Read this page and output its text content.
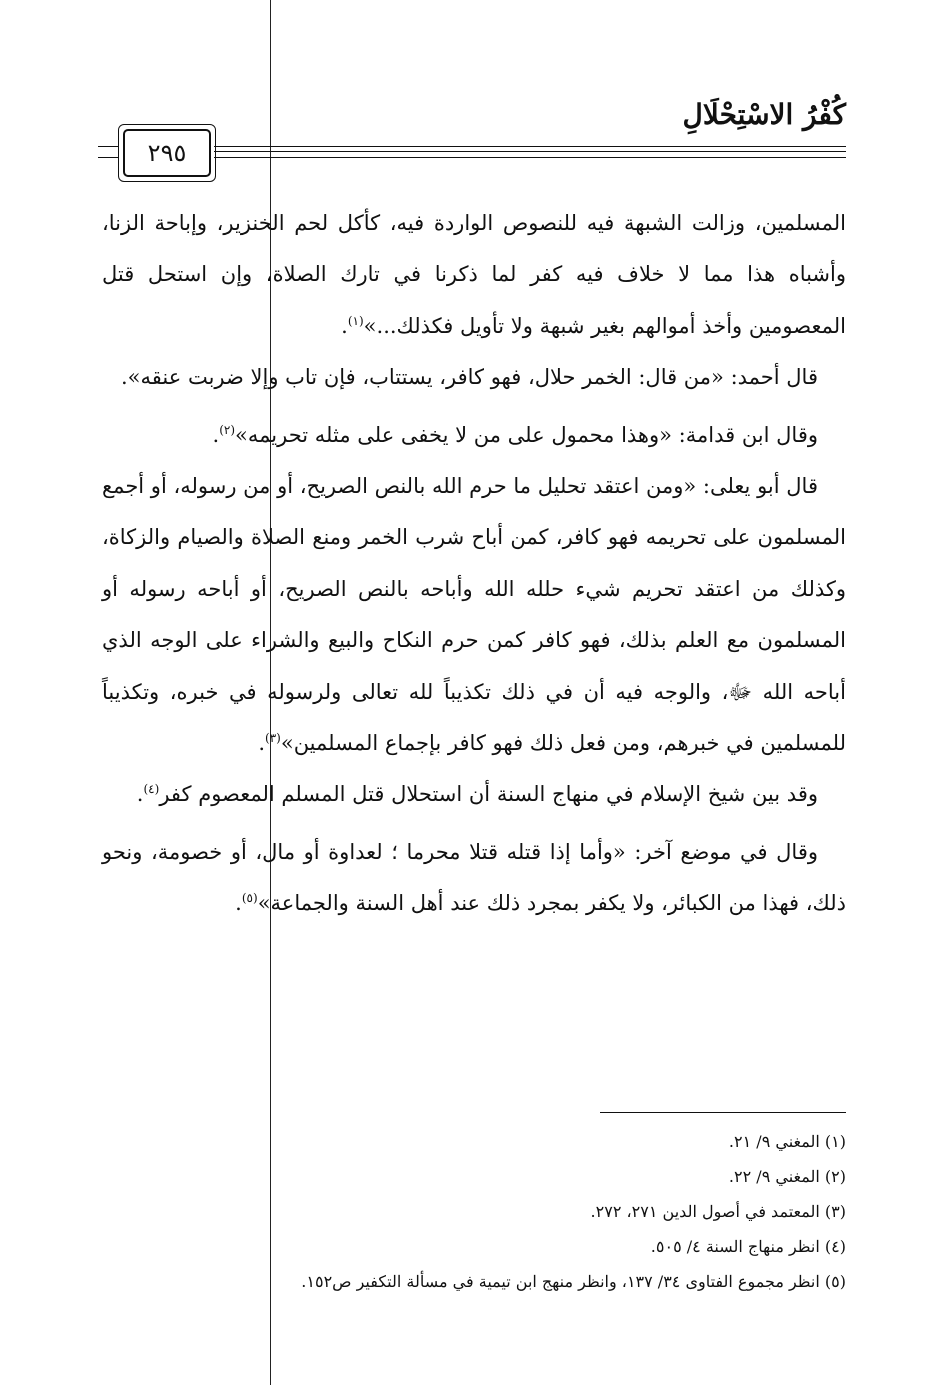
كُفْرُ الاسْتِحْلَالِ
٢٩٥

المسلمين، وزالت الشبهة فيه للنصوص الواردة فيه، كأكل لحم الخنزير، وإباحة الزنا، وأشباه هذا مما لا خلاف فيه كفر لما ذكرنا في تارك الصلاة، وإن استحل قتل المعصومين وأخذ أموالهم بغير شبهة ولا تأويل فكذلك...»$^{(١)}$.

قال أحمد: «من قال: الخمر حلال، فهو كافر، يستتاب، فإن تاب وإلا ضربت عنقه».

وقال ابن قدامة: «وهذا محمول على من لا يخفى على مثله تحريمه»$^{(٢)}$.

قال أبو يعلى: «ومن اعتقد تحليل ما حرم الله بالنص الصريح، أو من رسوله، أو أجمع المسلمون على تحريمه فهو كافر، كمن أباح شرب الخمر ومنع الصلاة والصيام والزكاة، وكذلك من اعتقد تحريم شيء حلله الله وأباحه بالنص الصريح، أو أباحه رسوله أو المسلمون مع العلم بذلك، فهو كافر كمن حرم النكاح والبيع والشراء على الوجه الذي أباحه الله ﷻ، والوجه فيه أن في ذلك تكذيباً لله تعالى ولرسوله في خبره، وتكذيباً للمسلمين في خبرهم، ومن فعل ذلك فهو كافر بإجماع المسلمين»$^{(٣)}$.

وقد بين شيخ الإسلام في منهاج السنة أن استحلال قتل المسلم المعصوم كفر$^{(٤)}$.

وقال في موضع آخر: «وأما إذا قتله قتلا محرما ؛ لعداوة أو مال، أو خصومة، ونحو ذلك، فهذا من الكبائر، ولا يكفر بمجرد ذلك عند أهل السنة والجماعة»$^{(٥)}$.

(١) المغني ٩/ ٢١.
(٢) المغني ٩/ ٢٢.
(٣) المعتمد في أصول الدين ٢٧١، ٢٧٢.
(٤) انظر منهاج السنة ٤/ ٥٠٥.
(٥) انظر مجموع الفتاوى ٣٤/ ١٣٧، وانظر منهج ابن تيمية في مسألة التكفير ص١٥٢.
